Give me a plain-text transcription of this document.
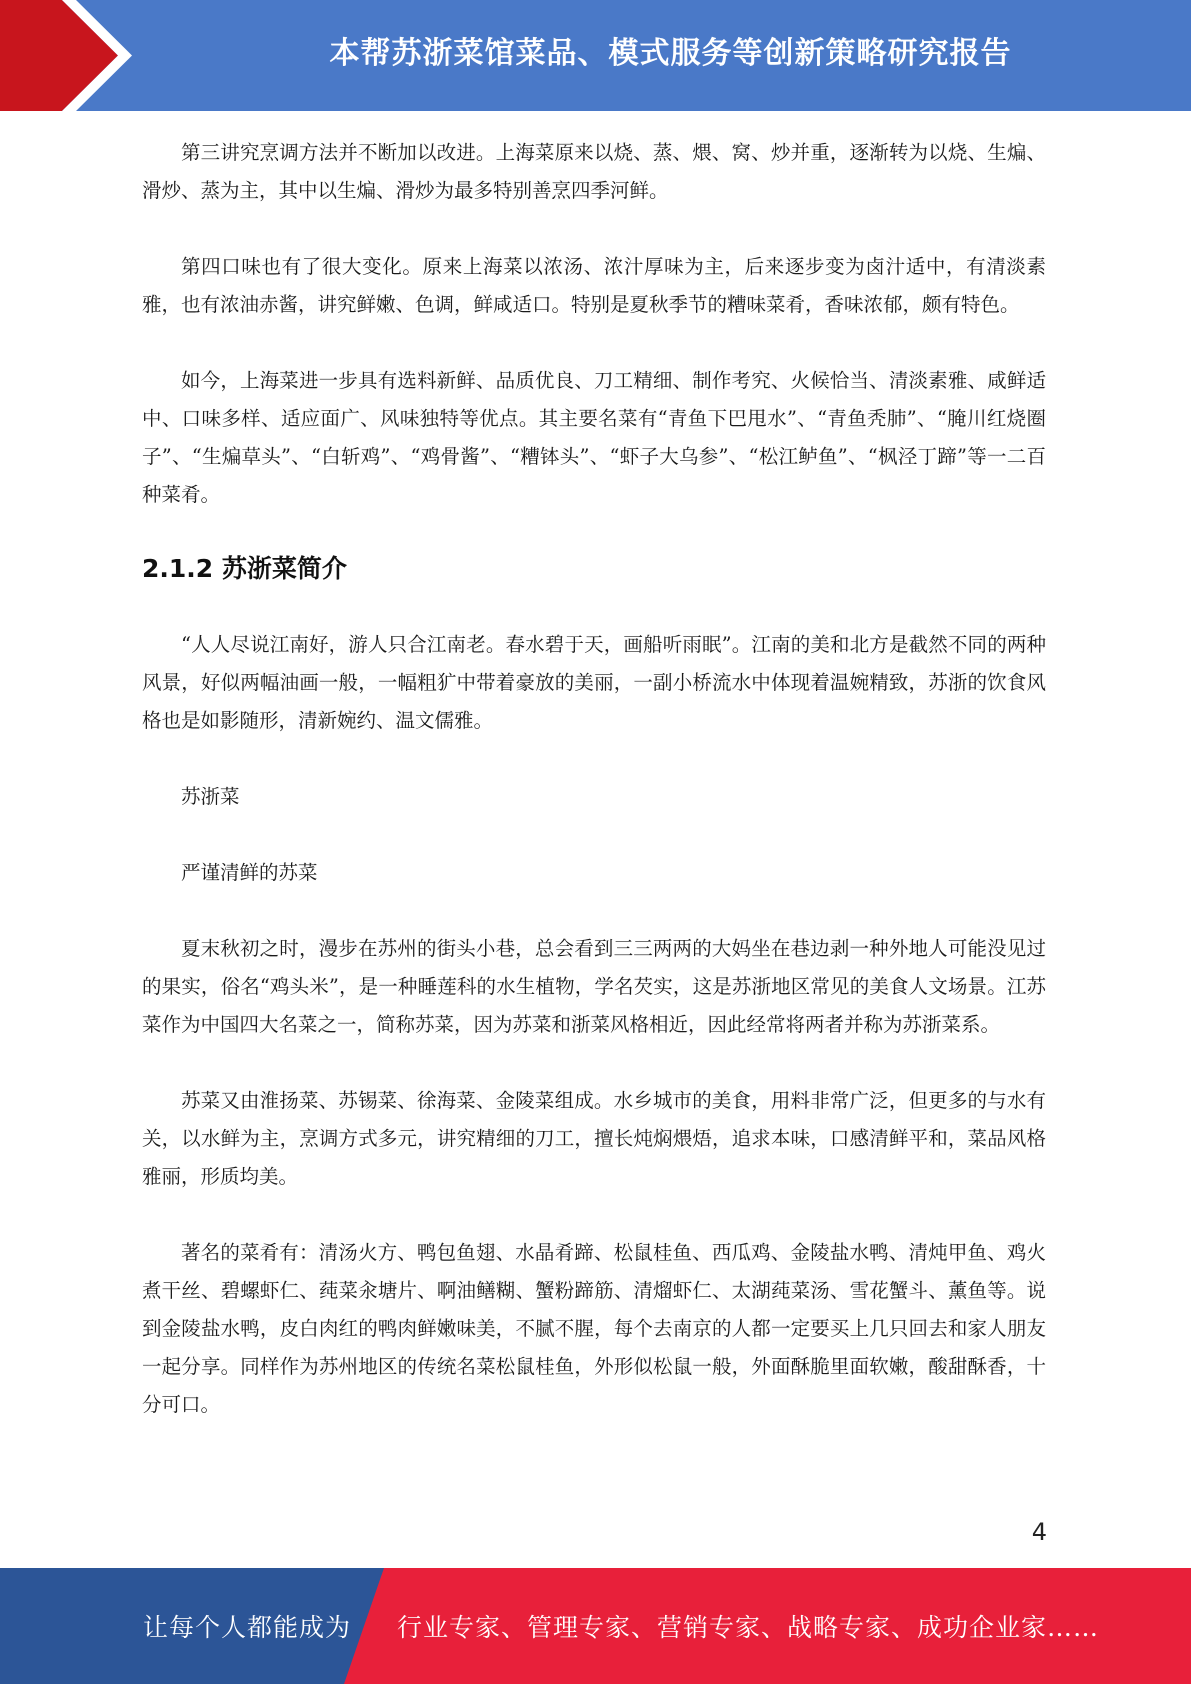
本帮苏浙菜馆菜品、模式服务等创新策略研究报告

第三讲究烹调方法并不断加以改进。上海菜原来以烧、蒸、煨、窝、炒并重，逐渐转为以烧、生煸、滑炒、蒸为主，其中以生煸、滑炒为最多特别善烹四季河鲜。

第四口味也有了很大变化。原来上海菜以浓汤、浓汁厚味为主，后来逐步变为卤汁适中，有清淡素雅，也有浓油赤酱，讲究鲜嫩、色调，鲜咸适口。特别是夏秋季节的糟味菜肴，香味浓郁，颇有特色。

如今，上海菜进一步具有选料新鲜、品质优良、刀工精细、制作考究、火候恰当、清淡素雅、咸鲜适中、口味多样、适应面广、风味独特等优点。其主要名菜有“青鱼下巴甩水”、“青鱼秃肺”、“腌川红烧圈子”、“生煸草头”、“白斩鸡”、“鸡骨酱”、“糟钵头”、“虾子大乌参”、“松江鲈鱼”、“枫泾丁蹄”等一二百种菜肴。

2.1.2 苏浙菜简介

“人人尽说江南好，游人只合江南老。春水碧于天，画船听雨眠”。江南的美和北方是截然不同的两种风景，好似两幅油画一般，一幅粗犷中带着豪放的美丽，一副小桥流水中体现着温婉精致，苏浙的饮食风格也是如影随形，清新婉约、温文儒雅。

苏浙菜

严谨清鲜的苏菜

夏末秋初之时，漫步在苏州的街头小巷，总会看到三三两两的大妈坐在巷边剥一种外地人可能没见过的果实，俗名“鸡头米”，是一种睡莲科的水生植物，学名芡实，这是苏浙地区常见的美食人文场景。江苏菜作为中国四大名菜之一，简称苏菜，因为苏菜和浙菜风格相近，因此经常将两者并称为苏浙菜系。

苏菜又由淮扬菜、苏锡菜、徐海菜、金陵菜组成。水乡城市的美食，用料非常广泛，但更多的与水有关，以水鲜为主，烹调方式多元，讲究精细的刀工，擅长炖焖煨焐，追求本味，口感清鲜平和，菜品风格雅丽，形质均美。

著名的菜肴有：清汤火方、鸭包鱼翅、水晶肴蹄、松鼠桂鱼、西瓜鸡、金陵盐水鸭、清炖甲鱼、鸡火煮干丝、碧螺虾仁、莼菜汆塘片、啊油鳝糊、蟹粉蹄筋、清熘虾仁、太湖莼菜汤、雪花蟹斗、薰鱼等。说到金陵盐水鸭，皮白肉红的鸭肉鲜嫩味美，不腻不腥，每个去南京的人都一定要买上几只回去和家人朋友一起分享。同样作为苏州地区的传统名菜松鼠桂鱼，外形似松鼠一般，外面酥脆里面软嫩，酸甜酥香，十分可口。

4
让每个人都能成为 行业专家、管理专家、营销专家、战略专家、成功企业家……
